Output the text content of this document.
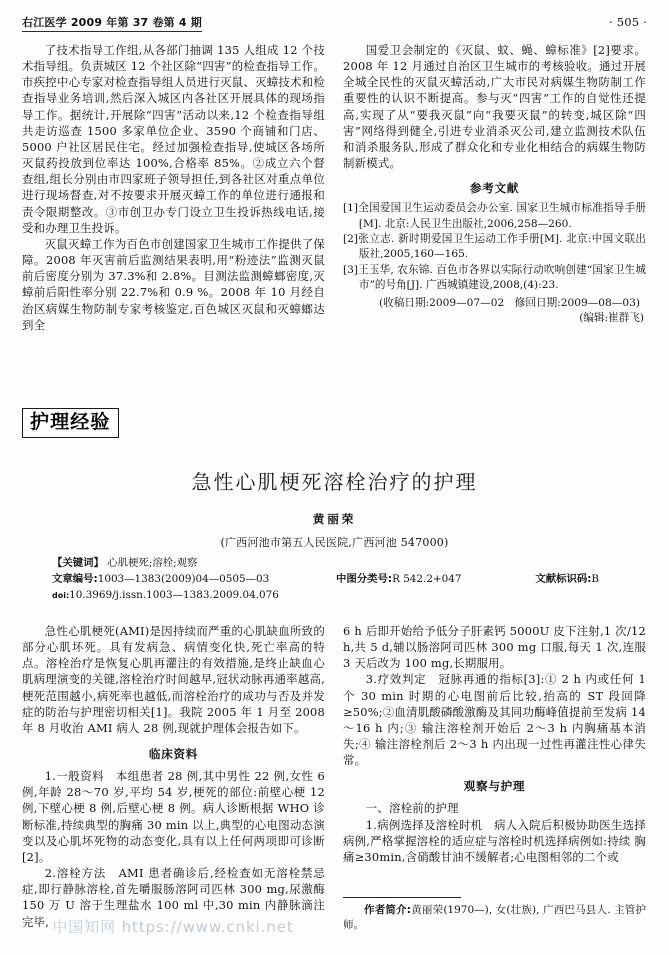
右江医学 2009 年第 37 卷第 4 期	· 505 ·

了技术指导工作组,从各部门抽调 135 人组成 12 个技术指导组。负责城区 12 个社区除“四害”的检查指导工作。市疾控中心专家对检查指导组人员进行灭鼠、灭蟑技术和检查指导业务培训,然后深入城区内各社区开展具体的现场指导工作。据统计,开展除“四害”活动以来,12 个检查指导组共走访巡查 1500 多家单位企业、3590 个商铺和门店、5000 户社区居民住宅。经过加强检查指导,使城区各场所灭鼠药投放到位率达 100%,合格率 85%。②成立六个督查组,组长分别由市四家班子领导担任,到各社区对重点单位进行现场督查,对不按要求开展灭蟑工作的单位进行通报和责令限期整改。③市创卫办专门设立卫生投诉热线电话,接受和办理卫生投诉。

灭鼠灭蟑工作为百色市创建国家卫生城市工作提供了保障。2008 年灭害前后监测结果表明,用“粉迹法”监测灭鼠前后密度分别为 37.3%和 2.8%。目测法监测蟑螂密度,灭蟑前后阳性率分别 22.7%和 0.9 %。2008 年 10 月经自治区病媒生物防制专家考核鉴定,百色城区灭鼠和灭蟑螂达到全

国爱卫会制定的《灭鼠、蚊、蝇、蟑标准》[2]要求。2008 年 12 月通过自治区卫生城市的考核验收。通过开展全城全民性的灭鼠灭蟑活动,广大市民对病媒生物防制工作重要性的认识不断提高。参与灭“四害”工作的自觉性还提高,实现了从“要我灭鼠”向“我要灭鼠”的转变,城区除“四害”网络得到健全,引进专业消杀灭公司,建立监测技术队伍和消杀服务队,形成了群众化和专业化相结合的病媒生物防制新模式。

参考文献
[1]全国爱国卫生运动委员会办公室. 国家卫生城市标准指导手册[M]. 北京:人民卫生出版社,2006,258—260.
[2]张立志. 新时期爱国卫生运动工作手册[M]. 北京:中国文联出版社,2005,160—165.
[3]王玉华, 农东锦. 百色市各界以实际行动吹响创建“国家卫生城市”的号角[J]. 广西城镇建设,2008,(4):23.
(收稿日期:2009—07—02　修回日期:2009—08—03)
(编辑:崔群飞)
护理经验
急性心肌梗死溶栓治疗的护理
黄丽荣
(广西河池市第五人民医院,广西河池 547000)
【关键词】 心肌梗死;溶栓;观察
文章编号:1003—1383(2009)04—0505—03	中图分类号:R 542.2+047	文献标识码:B
doi:10.3969/j.issn.1003—1383.2009.04.076

急性心肌梗死(AMI)是因持续而严重的心肌缺血所致的部分心肌坏死。具有发病急、病情变化快,死亡率高的特点。溶栓治疗是恢复心肌再灌注的有效措施,是终止缺血心肌病理演变的关键,溶栓治疗时间越早,冠状动脉再通率越高,梗死范围越小,病死率也越低,而溶栓治疗的成功与否及并发症的防治与护理密切相关[1]。我院 2005 年 1 月至 2008 年 8 月收治 AMI 病人 28 例,现就护理体会报告如下。

临床资料

1.一般资料　本组患者 28 例,其中男性 22 例,女性 6 例,年龄 28～70 岁,平均 54 岁,梗死的部位:前壁心梗 12 例,下壁心梗 8 例,后壁心梗 8 例。病人诊断根据 WHO 诊断标准,持续典型的胸痛 30 min 以上,典型的心电图动态演变以及心肌坏死物的动态变化,具有以上任何两项即可诊断[2]。

2.溶栓方法　AMI 患者确诊后,经检查如无溶栓禁忌症,即行静脉溶栓,首先嚼服肠溶阿司匹林 300 mg,尿激酶 150 万 U 溶于生理盐水 100 ml 中,30 min 内静脉滴注完毕,

6 h 后即开始给予低分子肝素钙 5000U 皮下注射,1 次/12 h,共 5 d,辅以肠溶阿司匹林 300 mg 口服,每天 1 次,连服 3 天后改为 100 mg,长期服用。

3.疗效判定　冠脉再通的指标[3]:① 2 h 内或任何 1 个 30 min 时期的心电图前后比较,抬高的 ST 段回降≥50%;②血清肌酸磷酸激酶及其同功酶峰值提前至发病 14～16 h 内;③ 输注溶栓剂开始后 2～3 h 内胸痛基本消失;④ 输注溶栓剂后 2～3 h 内出现一过性再灌注性心律失常。

观察与护理

一、溶栓前的护理

1.病例选择及溶栓时机　病人入院后积极协助医生选择病例,严格掌握溶栓的适应症与溶栓时机选择病例如:持续 胸痛≥30min,含硝酸甘油不缓解者;心电图相邻的二个或

作者简介:黄丽荣(1970—), 女(壮族), 广西巴马县人. 主管护师。

中国知网 https://www.cnki.net
